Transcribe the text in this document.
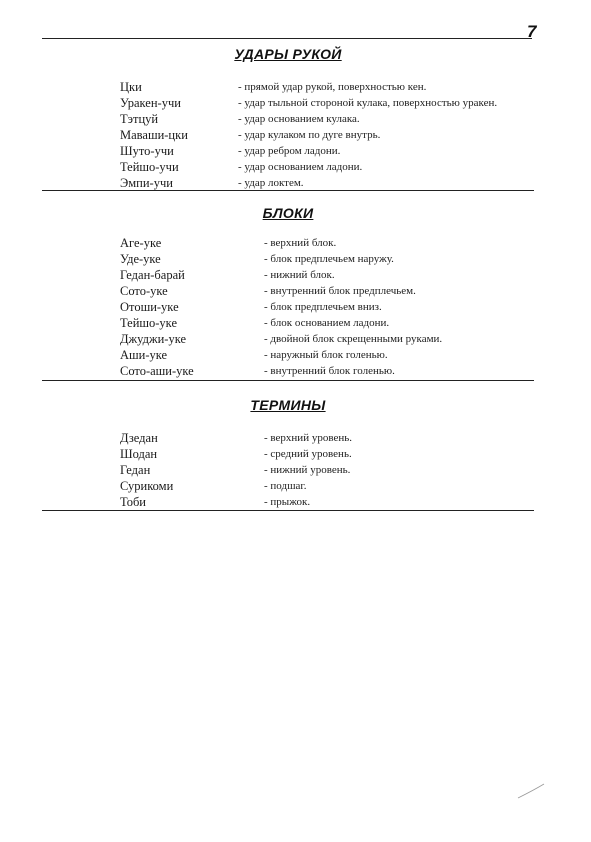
7
УДАРЫ РУКОЙ
Цки	- прямой удар рукой, поверхностью кен.
Уракен-учи	- удар тыльной стороной кулака, поверхностью уракен.
Тэтцуй	- удар основанием кулака.
Маваши-цки	- удар кулаком по дуге внутрь.
Шуто-учи	- удар ребром ладони.
Тейшо-учи	- удар основанием ладони.
Эмпи-учи	- удар локтем.
БЛОКИ
Аге-уке	- верхний блок.
Уде-уке	- блок предплечьем наружу.
Гедан-барай	- нижний блок.
Сото-уке	- внутренний блок предплечьем.
Отоши-уке	- блок предплечьем вниз.
Тейшо-уке	- блок основанием ладони.
Джуджи-уке	- двойной блок скрещенными руками.
Аши-уке	- наружный блок голенью.
Сото-аши-уке	- внутренний блок голенью.
ТЕРМИНЫ
Дзедан	- верхний уровень.
Шодан	- средний уровень.
Гедан	- нижний уровень.
Сурикоми	- подшаг.
Тоби	- прыжок.
